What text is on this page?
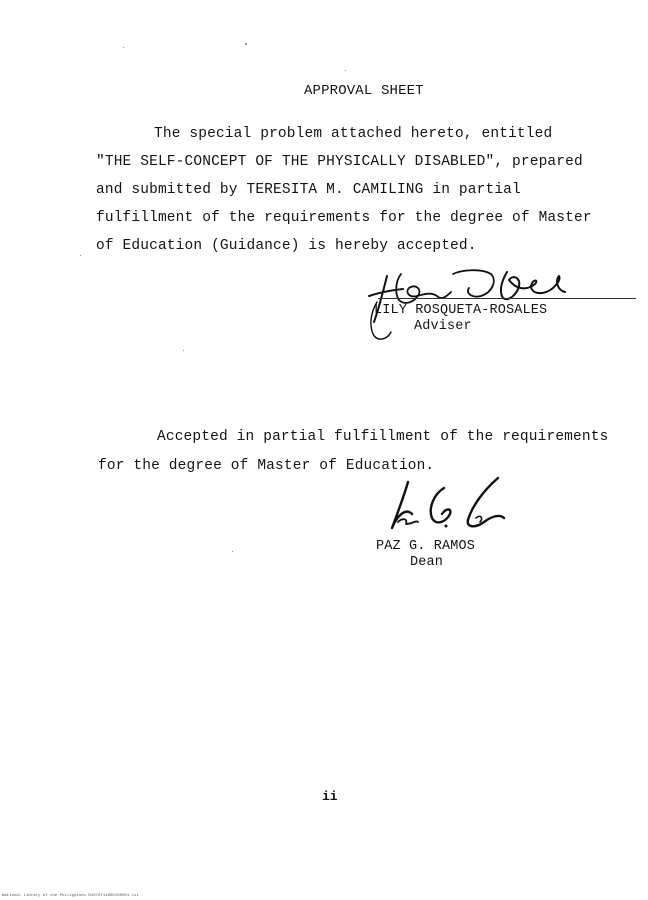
APPROVAL SHEET
The special problem attached hereto, entitled
"THE SELF-CONCEPT OF THE PHYSICALLY DISABLED", prepared
and submitted by TERESITA M. CAMILING in partial
fulfillment of the requirements for the degree of Master
of Education (Guidance) is hereby accepted.
LILY ROSQUETA-ROSALES
Adviser
Accepted in partial fulfillment of the requirements
for the degree of Master of Education.
PAZ G. RAMOS
Dean
ii
National Library of the Philippines B1070711900100001 1it
